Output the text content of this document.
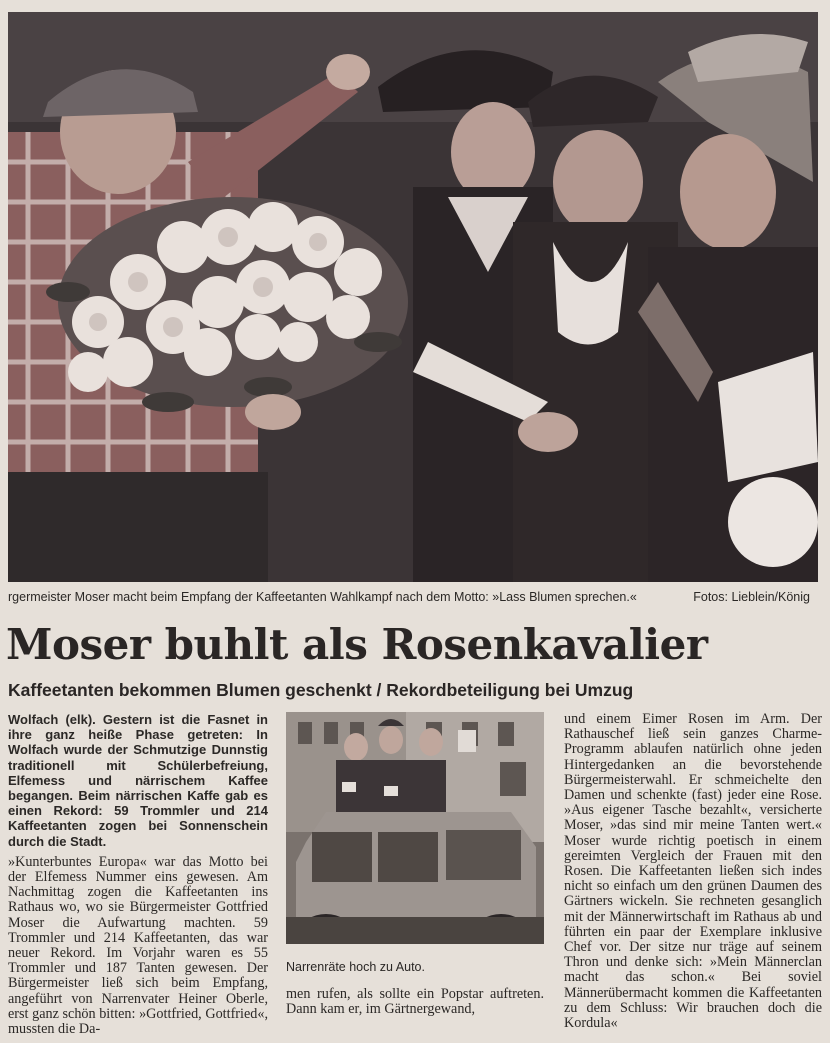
rgermeister Moser macht beim Empfang der Kaffeetanten Wahlkampf nach dem Motto: »Lass Blumen sprechen.«	Fotos: Lieblein/König
Moser buhlt als Rosenkavalier
Kaffeetanten bekommen Blumen geschenkt / Rekordbeteiligung bei Umzug

Wolfach (elk). Gestern ist die Fasnet in ihre ganz heiße Phase getreten: In Wolfach wurde der Schmutzige Dunnstig traditionell mit Schülerbefreiung, Elfemess und närrischem Kaffee begangen. Beim närrischen Kaffe gab es einen Rekord: 59 Trommler und 214 Kaffeetanten zogen bei Sonnenschein durch die Stadt.

»Kunterbuntes Europa« war das Motto bei der Elfemess Nummer eins gewesen. Am Nachmittag zogen die Kaffeetanten ins Rathaus wo, wo sie Bürgermeister Gottfried Moser die Aufwartung machten. 59 Trommler und 214 Kaffeetanten, das war neuer Rekord. Im Vorjahr waren es 55 Trommler und 187 Tanten gewesen. Der Bürgermeister ließ sich beim Empfang, angeführt von Narrenvater Heiner Oberle, erst ganz schön bitten: »Gottfried, Gottfried«, mussten die Da-

Narrenräte hoch zu Auto.

men rufen, als sollte ein Popstar auftreten. Dann kam er, im Gärtnergewand,

und einem Eimer Rosen im Arm. Der Rathauschef ließ sein ganzes Charme-Programm ablaufen natürlich ohne jeden Hintergedanken an die bevorstehende Bürgermeisterwahl. Er schmeichelte den Damen und schenkte (fast) jeder eine Rose. »Aus eigener Tasche bezahlt«, versicherte Moser, »das sind mir meine Tanten wert.« Moser wurde richtig poetisch in einem gereimten Vergleich der Frauen mit den Rosen. Die Kaffeetanten ließen sich indes nicht so einfach um den grünen Daumen des Gärtners wickeln. Sie rechneten gesanglich mit der Männerwirtschaft im Rathaus ab und führten ein paar der Exemplare inklusive Chef vor. Der sitze nur träge auf seinem Thron und denke sich: »Mein Männerclan macht das schon.« Bei soviel Männerübermacht kommen die Kaffeetanten zu dem Schluss: Wir brauchen doch die Kordula«
